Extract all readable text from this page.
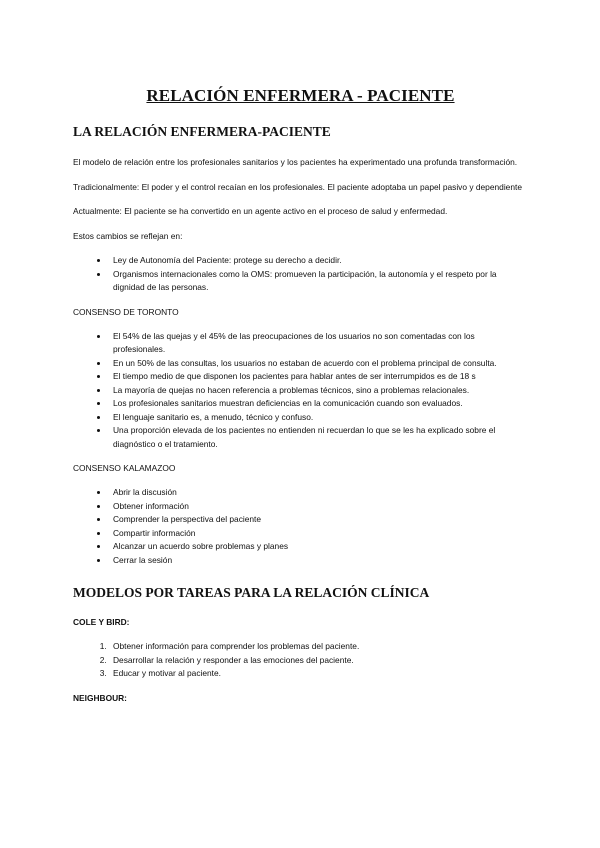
RELACIÓN ENFERMERA - PACIENTE
LA RELACIÓN ENFERMERA-PACIENTE

El modelo de relación entre los profesionales sanitarios y los pacientes ha experimentado una profunda transformación.

Tradicionalmente: El poder y el control recaían en los profesionales. El paciente adoptaba un papel pasivo y dependiente

Actualmente: El paciente se ha convertido en un agente activo en el proceso de salud y enfermedad.

Estos cambios se reflejan en:

• Ley de Autonomía del Paciente: protege su derecho a decidir.
• Organismos internacionales como la OMS: promueven la participación, la autonomía y el respeto por la dignidad de las personas.
CONSENSO DE TORONTO
• El 54% de las quejas y el 45% de las preocupaciones de los usuarios no son comentadas con los profesionales.
• En un 50% de las consultas, los usuarios no estaban de acuerdo con el problema principal de consulta.
• El tiempo medio de que disponen los pacientes para hablar antes de ser interrumpidos es de 18 s
• La mayoría de quejas no hacen referencia a problemas técnicos, sino a problemas relacionales.
• Los profesionales sanitarios muestran deficiencias en la comunicación cuando son evaluados.
• El lenguaje sanitario es, a menudo, técnico y confuso.
• Una proporción elevada de los pacientes no entienden ni recuerdan lo que se les ha explicado sobre el diagnóstico o el tratamiento.
CONSENSO KALAMAZOO
• Abrir la discusión
• Obtener información
• Comprender la perspectiva del paciente
• Compartir información
• Alcanzar un acuerdo sobre problemas y planes
• Cerrar la sesión
MODELOS POR TAREAS PARA LA RELACIÓN CLÍNICA
COLE Y BIRD:
1. Obtener información para comprender los problemas del paciente.
2. Desarrollar la relación y responder a las emociones del paciente.
3. Educar y motivar al paciente.
NEIGHBOUR:
